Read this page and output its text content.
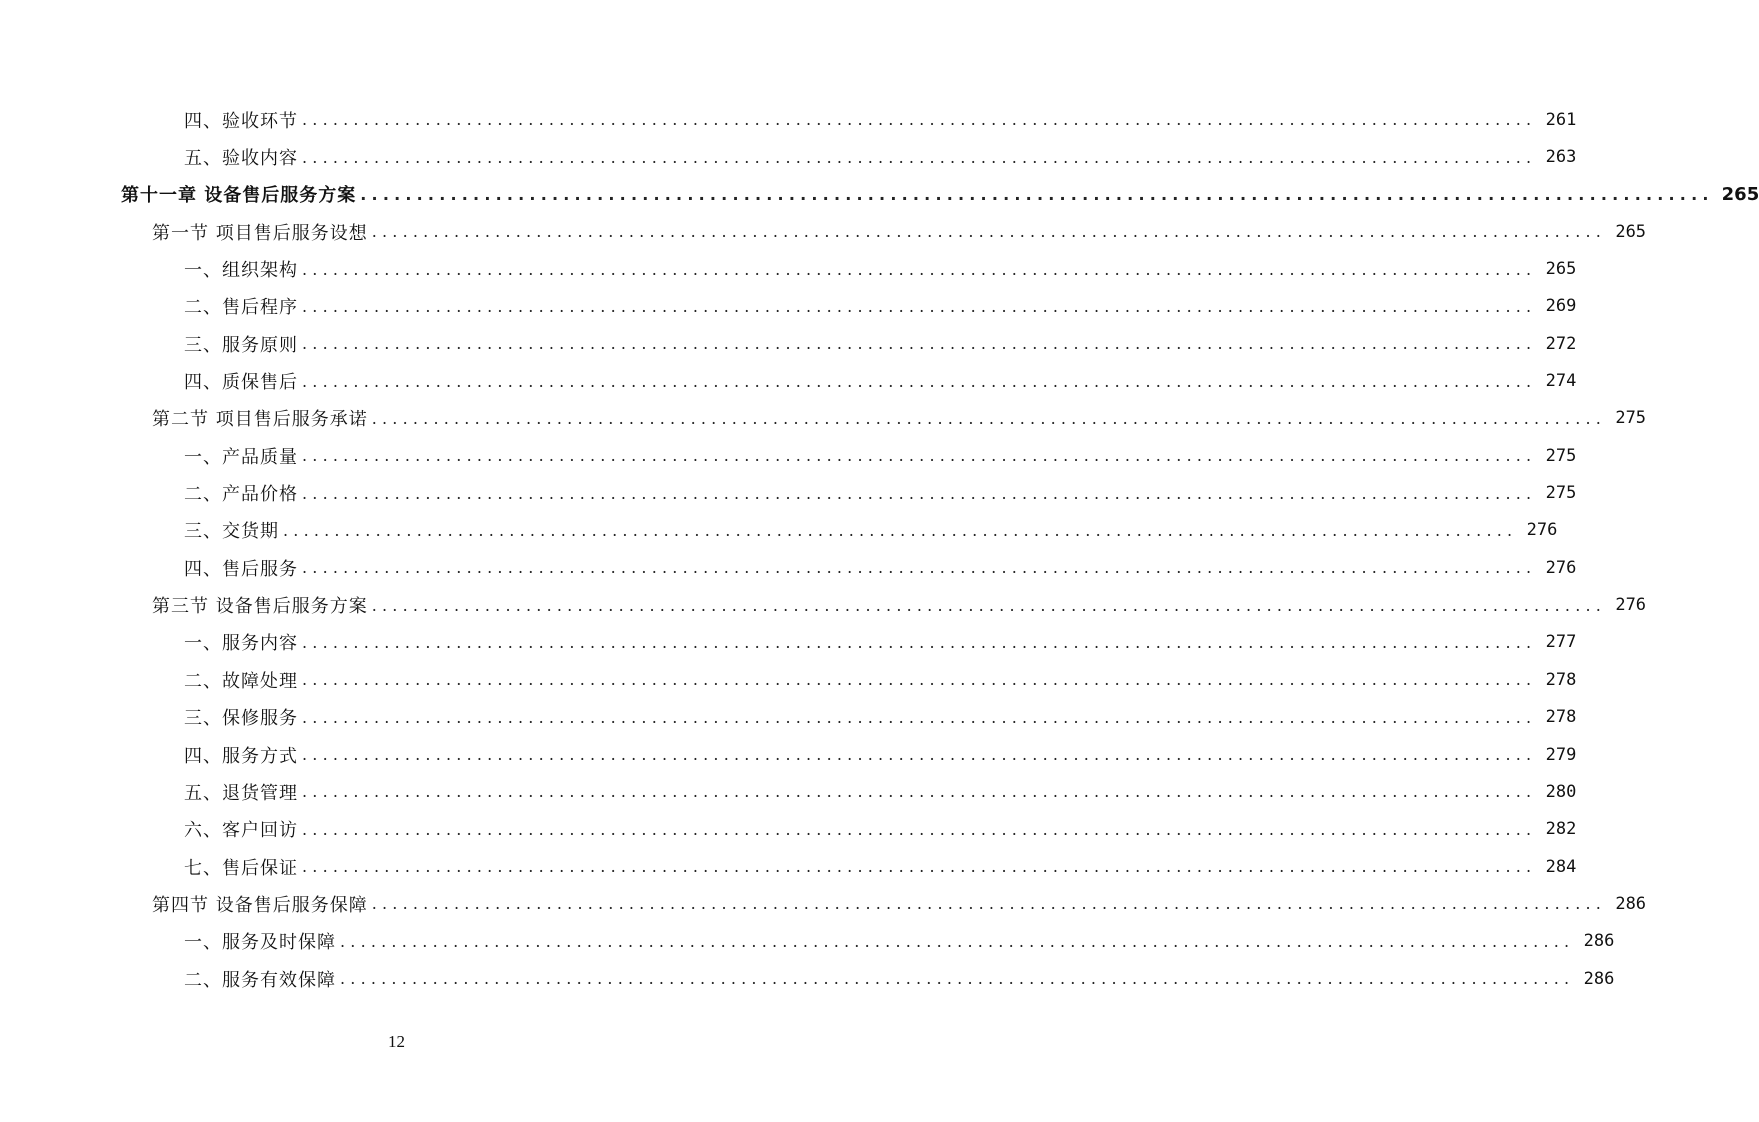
四、验收环节 ........................................................................................................................ 261
五、验收内容 ........................................................................................................................ 263
第十一章 设备售后服务方案 ........................................................................................................................ 265
第一节 项目售后服务设想 ........................................................................................................................ 265
一、组织架构 ........................................................................................................................ 265
二、售后程序 ........................................................................................................................ 269
三、服务原则 ........................................................................................................................ 272
四、质保售后 ........................................................................................................................ 274
第二节 项目售后服务承诺 ........................................................................................................................ 275
一、产品质量 ........................................................................................................................ 275
二、产品价格 ........................................................................................................................ 275
三、交货期 ........................................................................................................................ 276
四、售后服务 ........................................................................................................................ 276
第三节 设备售后服务方案 ........................................................................................................................ 276
一、服务内容 ........................................................................................................................ 277
二、故障处理 ........................................................................................................................ 278
三、保修服务 ........................................................................................................................ 278
四、服务方式 ........................................................................................................................ 279
五、退货管理 ........................................................................................................................ 280
六、客户回访 ........................................................................................................................ 282
七、售后保证 ........................................................................................................................ 284
第四节 设备售后服务保障 ........................................................................................................................ 286
一、服务及时保障 ........................................................................................................................ 286
二、服务有效保障 ........................................................................................................................ 286
12
